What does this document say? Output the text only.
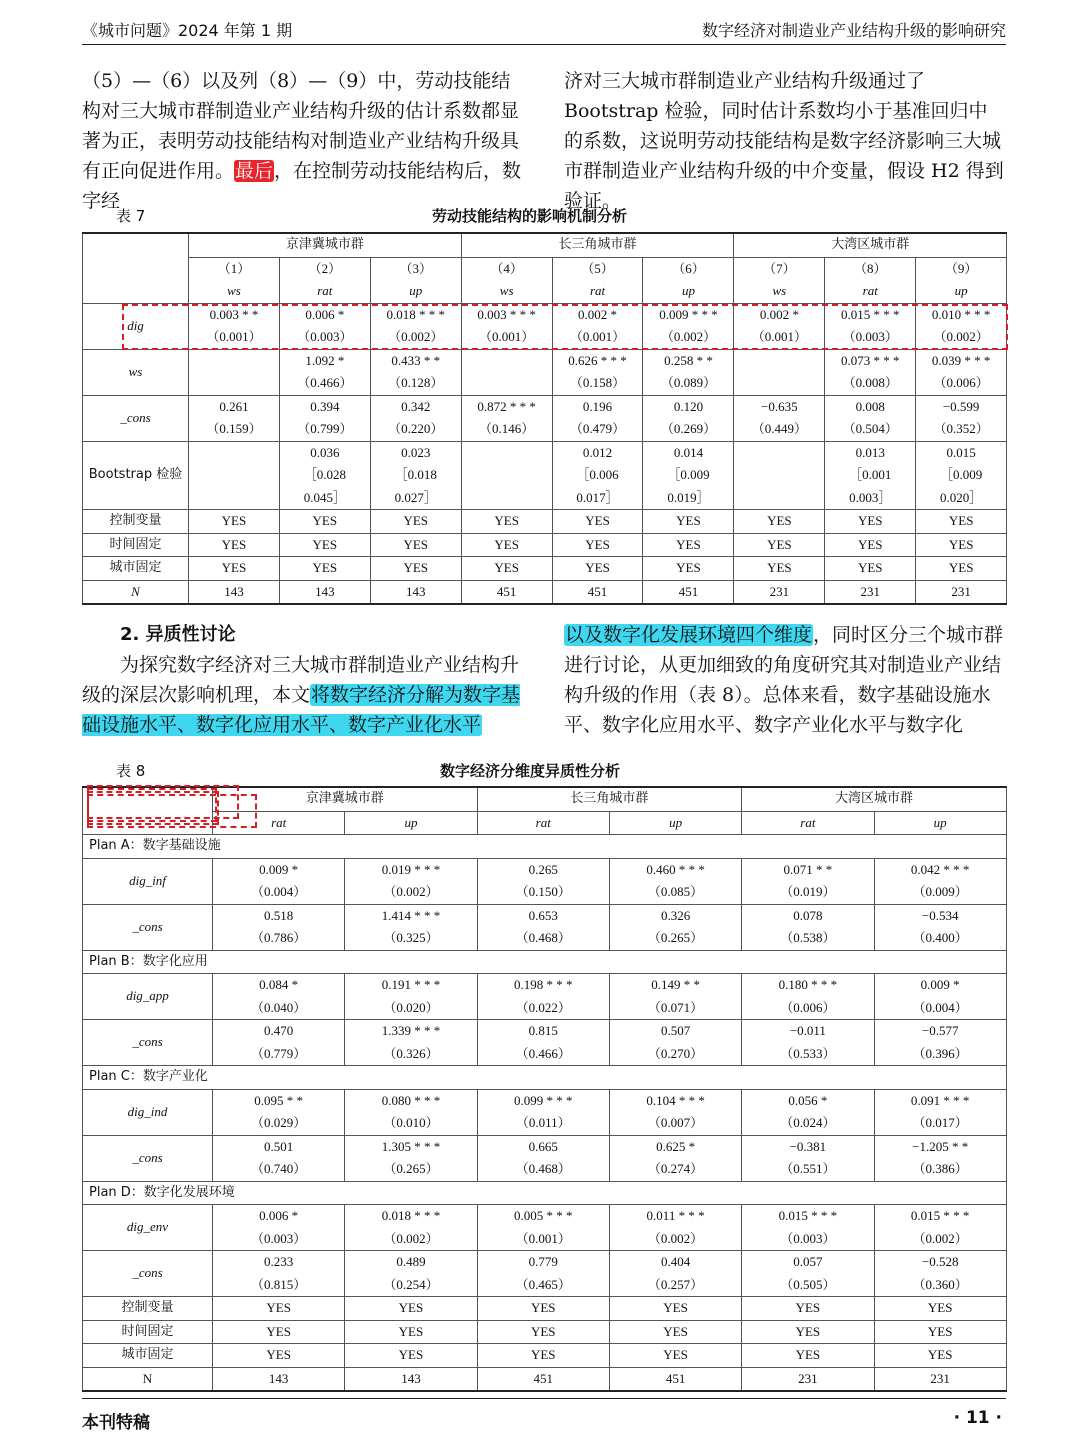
《城市问题》2024 年第 1 期	数字经济对制造业产业结构升级的影响研究

（5）—（6）以及列（8）—（9）中，劳动技能结构对三大城市群制造业产业结构升级的估计系数都显著为正，表明劳动技能结构对制造业产业结构升级具有正向促进作用。最后，在控制劳动技能结构后，数字经

济对三大城市群制造业产业结构升级通过了 Bootstrap 检验，同时估计系数均小于基准回归中的系数，这说明劳动技能结构是数字经济影响三大城市群制造业产业结构升级的中介变量，假设 H2 得到验证。

表 7	劳动技能结构的影响机制分析
	京津冀城市群			长三角城市群			大湾区城市群		
	（1）	（2）	（3）	（4）	（5）	（6）	（7）	（8）	（9）
	ws	rat	up	ws	rat	up	ws	rat	up
dig	0.003 * *	0.006 *	0.018 * * *	0.003 * * *	0.002 *	0.009 * * *	0.002 *	0.015 * * *	0.010 * * *
	（0.001）	（0.003）	（0.002）	（0.001）	（0.001）	（0.002）	（0.001）	（0.003）	（0.002）
ws		1.092 *	0.433 * *		0.626 * * *	0.258 * *		0.073 * * *	0.039 * * *
		（0.466）	（0.128）		（0.158）	（0.089）		（0.008）	（0.006）
_cons	0.261	0.394	0.342	0.872 * * *	0.196	0.120	−0.635	0.008	−0.599
	（0.159）	（0.799）	（0.220）	（0.146）	（0.479）	（0.269）	（0.449）	（0.504）	（0.352）
Bootstrap 检验		0.036	0.023		0.012	0.014		0.013	0.015
		［0.028	［0.018		［0.006	［0.009		［0.001	［0.009
		0.045］	0.027］		0.017］	0.019］		0.003］	0.020］
控制变量	YES	YES	YES	YES	YES	YES	YES	YES	YES
时间固定	YES	YES	YES	YES	YES	YES	YES	YES	YES
城市固定	YES	YES	YES	YES	YES	YES	YES	YES	YES
N	143	143	143	451	451	451	231	231	231

2. 异质性讨论

为探究数字经济对三大城市群制造业产业结构升级的深层次影响机理，本文将数字经济分解为数字基础设施水平、数字化应用水平、数字产业化水平

以及数字化发展环境四个维度，同时区分三个城市群进行讨论，从更加细致的角度研究其对制造业产业结构升级的作用（表 8）。总体来看，数字基础设施水平、数字化应用水平、数字产业化水平与数字化

表 8	数字经济分维度异质性分析
	京津冀城市群		长三角城市群		大湾区城市群	
	rat	up	rat	up	rat	up
Plan A：数字基础设施						
dig_inf	0.009 *	0.019 * * *	0.265	0.460 * * *	0.071 * *	0.042 * * *
	（0.004）	（0.002）	（0.150）	（0.085）	（0.019）	（0.009）
_cons	0.518	1.414 * * *	0.653	0.326	0.078	−0.534
	（0.786）	（0.325）	（0.468）	（0.265）	（0.538）	（0.400）
Plan B：数字化应用						
dig_app	0.084 *	0.191 * * *	0.198 * * *	0.149 * *	0.180 * * *	0.009 *
	（0.040）	（0.020）	（0.022）	（0.071）	（0.006）	（0.004）
_cons	0.470	1.339 * * *	0.815	0.507	−0.011	−0.577
	（0.779）	（0.326）	（0.466）	（0.270）	（0.533）	（0.396）
Plan C：数字产业化						
dig_ind	0.095 * *	0.080 * * *	0.099 * * *	0.104 * * *	0.056 *	0.091 * * *
	（0.029）	（0.010）	（0.011）	（0.007）	（0.024）	（0.017）
_cons	0.501	1.305 * * *	0.665	0.625 *	−0.381	−1.205 * *
	（0.740）	（0.265）	（0.468）	（0.274）	（0.551）	（0.386）
Plan D：数字化发展环境						
dig_env	0.006 *	0.018 * * *	0.005 * * *	0.011 * * *	0.015 * * *	0.015 * * *
	（0.003）	（0.002）	（0.001）	（0.002）	（0.003）	（0.002）
_cons	0.233	0.489	0.779	0.404	0.057	−0.528
	（0.815）	（0.254）	（0.465）	（0.257）	（0.505）	（0.360）
控制变量	YES	YES	YES	YES	YES	YES
时间固定	YES	YES	YES	YES	YES	YES
城市固定	YES	YES	YES	YES	YES	YES
N	143	143	451	451	231	231
本刊特稿	· 11 ·
